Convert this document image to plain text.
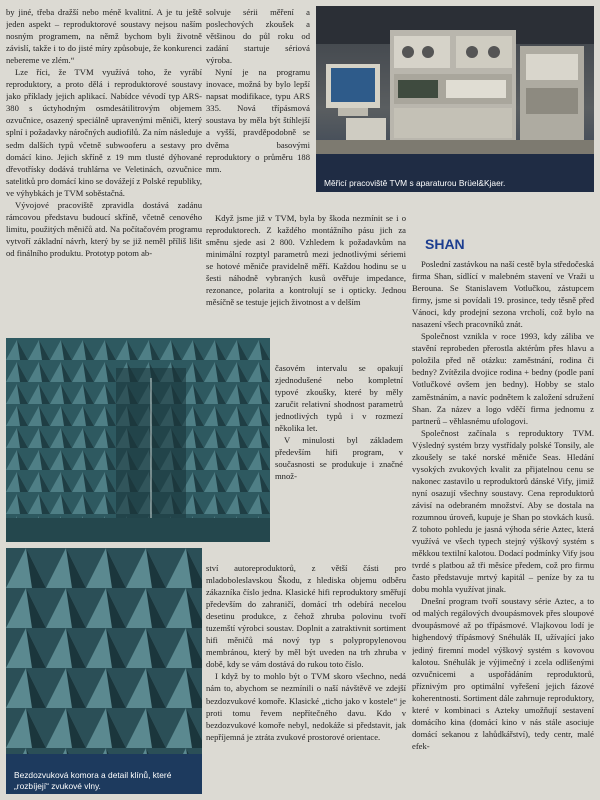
by jiné, třeba dražší nebo méně kvalitní. A je tu ještě jeden aspekt – reproduktorové soustavy nejsou naším nosným programem, na němž bychom byli životně závislí, takže i to do jisté míry způsobuje, že konkurenci nebereme ve zlém.“

Lze říci, že TVM využívá toho, že vyrábí reproduktory, a proto dělá i reproduktorové soustavy jako příklady jejich aplikací. Nabídce vévodí typ ARS-380 s úctyhodným osmdesátilitrovým objemem ozvučnice, osazený speciálně upravenými měniči, který splní i požadavky náročných audiofilů. Za ním následuje sedm dalších typů včetně subwooferu a sestavy pro domácí kino. Jejich skříně z 19 mm tlusté dýhované dřevotřísky dodává truhlárna ve Veletinách, ozvučnice satelitků pro domácí kino se dovážejí z Polské republiky, ve výhybkách je TVM soběstačná.

Vývojové pracoviště zpravidla dostává zadánu rámcovou představu budoucí skříně, včetně cenového limitu, použitých měničů atd. Na počítačovém programu vytvoří základní návrh, který by se již neměl příliš lišit od finálního produktu. Prototyp potom ab-

solvuje sérii měření a poslechových zkoušek a většinou do půl roku od zadání startuje sériová výroba.

Nyní je na programu inovace, možná by bylo lepší napsat modifikace, typu ARS 335. Nová třípásmová soustava by měla být štíhlejší a vyšší, pravděpodobně se dvěma basovými reproduktory o průměru 188 mm.

Měřicí pracoviště TVM s aparaturou Brüel&Kjaer.
SHAN

Když jsme již v TVM, byla by škoda nezmínit se i o reproduktorech. Z každého montážního pásu jich za směnu sjede asi 2 800. Vzhledem k požadavkům na minimální rozptyl parametrů mezi jednotlivými sériemi se hotové měniče pravidelně měří. Každou hodinu se u šesti náhodně vybraných kusů ověřuje impedance, rezonance, polarita a kontrolují se i opticky. Jednou měsíčně se testuje jejich životnost a v delším

časovém intervalu se opakují zjednodušené nebo kompletní typové zkoušky, které by měly zaručit relativní shodnost parametrů jednotlivých typů i v rozmezí několika let.

V minulosti byl základem především hifi program, v současnosti se produkuje i značné množ-

Bezdozvuková komora a detail klínů, které „rozbíjejí“ zvukové vlny.

ství autoreproduktorů, z větší části pro mladoboleslavskou Škodu, z hlediska objemu odběru zákazníka číslo jedna. Klasické hifi reproduktory směřují především do zahraničí, domácí trh odebírá necelou desetinu produkce, z čehož zhruba polovinu tvoří tuzemští výrobci soustav. Doplnit a zatraktivnit sortiment hifi měničů má nový typ s polypropylenovou membránou, který by měl být uveden na trh zhruba v době, kdy se vám dostává do rukou toto číslo.

I když by to mohlo být o TVM skoro všechno, nedá nám to, abychom se nezmínili o naší návštěvě ve zdejší bezdozvukové komoře. Klasické „ticho jako v kostele“ je proti tomu řevem nepřítečného davu. Kdo v bezdozvukové komoře nebyl, nedokáže si představit, jak nepříjemná je ztráta zvukové prostorové orientace.

Poslední zastávkou na naší cestě byla středočeská firma Shan, sídlící v malebném stavení ve Vraži u Berouna. Se Stanislavem Votlučkou, zástupcem firmy, jsme si povídali 19. prosince, tedy těsně před Vánoci, kdy prodejní sezona vrcholí, což bylo na nasazení všech pracovníků znát.

Společnost vznikla v roce 1993, kdy záliba ve stavění reprobeden přerostla aktérům přes hlavu a položila před ně otázku: zaměstnání, rodina či bedny? Zvítězila dvojice rodina + bedny (podle paní Votlučkové ovšem jen bedny). Hobby se stalo zaměstnáním, a navíc podnětem k založení sdružení Shan. Za název a logo vděčí firma jednomu z partnerů – věhlasnému ufologovi.

Společnost začínala s reproduktory TVM. Výsledný systém brzy vystřídaly polské Tonsily, ale zkoušely se také norské měniče Seas. Hledání vysokých zvukových kvalit za přijatelnou cenu se nakonec zastavilo u reproduktorů dánské Vify, jimiž nyní osazují všechny soustavy. Cena reproduktorů závisí na odebraném množství. Aby se dostala na rozumnou úroveň, kupuje je Shan po stovkách kusů. Z tohoto pohledu je jasná výhoda série Aztec, která využívá ve všech typech stejný výškový systém s měkkou textilní kalotou. Dodací podmínky Vify jsou tvrdé s platbou až tři měsíce předem, což pro firmu často představuje mrtvý kapitál – peníze by za tu dobu mohla využívat jinak.

Dnešní program tvoří soustavy série Aztec, a to od malých regálových dvoupásmovek přes sloupové dvoupásmové až po třípásmové. Vlajkovou lodí je highendový třípásmový Snéhulák II, užívající jako jediný firemní model výškový systém s kovovou kalotou. Snéhulák je výjimečný i zcela odlišenými ozvučnicemi a uspořádáním reproduktorů, příznivým pro optimální vyřešení jejich fázové koherentnosti. Sortiment dále zahrnuje reproduktory, které v kombinaci s Azteky umožňují sestavení domácího kina (domácí kino v nás stále asociuje domácí sekanou z lahůdkářství), tedy centr, malé efek-
